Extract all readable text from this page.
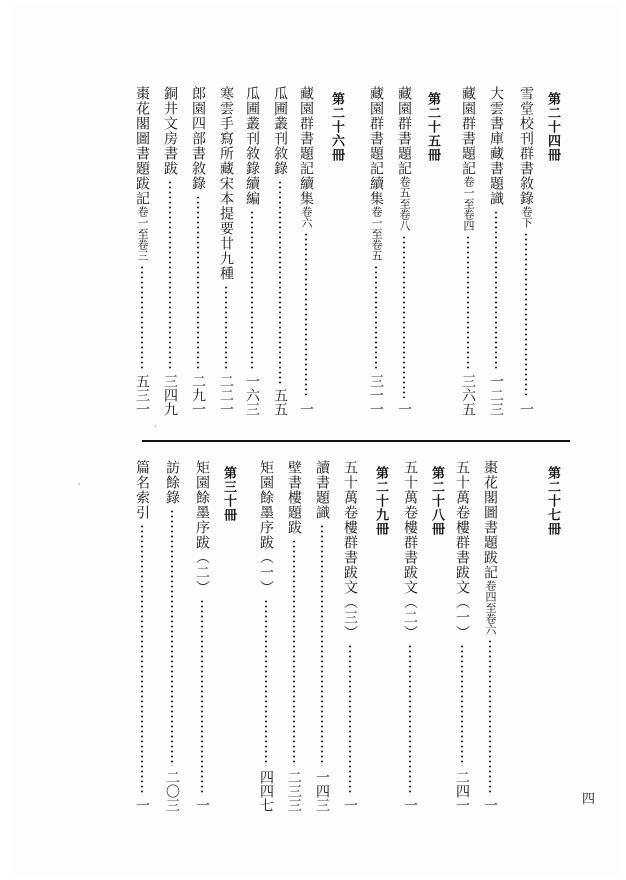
第二十四冊
雪堂校刊群書敘錄
卷下
一
大雲書庫藏書題識
一二三
藏園群書題記
卷一至卷四
三六五
第二十五冊
藏園群書題記
卷五至卷八
一
藏園群書題記續集
卷一至卷五
三一一
第二十六冊
藏園群書題記續集
卷六
一
瓜圃叢刊敘錄
五五
瓜圃叢刊敘錄續編
一六三
寒雲手寫所藏宋本提要廿九種
二二一
郎園四部書敘錄
二九一
銅井文房書跋
三四九
棗花閣圖書題跋記
卷一至卷三
五三一
第二十七冊
棗花閣圖書題跋記
卷四至卷六
一
五十萬卷樓群書跋文（一）
二四一
第二十八冊
五十萬卷樓群書跋文（二）
一
第二十九冊
五十萬卷樓群書跋文（三）
一
讀書題識
一四三
壁書樓題跋
二三三
矩園餘墨序跋（一）
四四七
第三十冊
矩園餘墨序跋（二）
一
訪餘錄
二〇三
篇名索引
一	四
·
·
